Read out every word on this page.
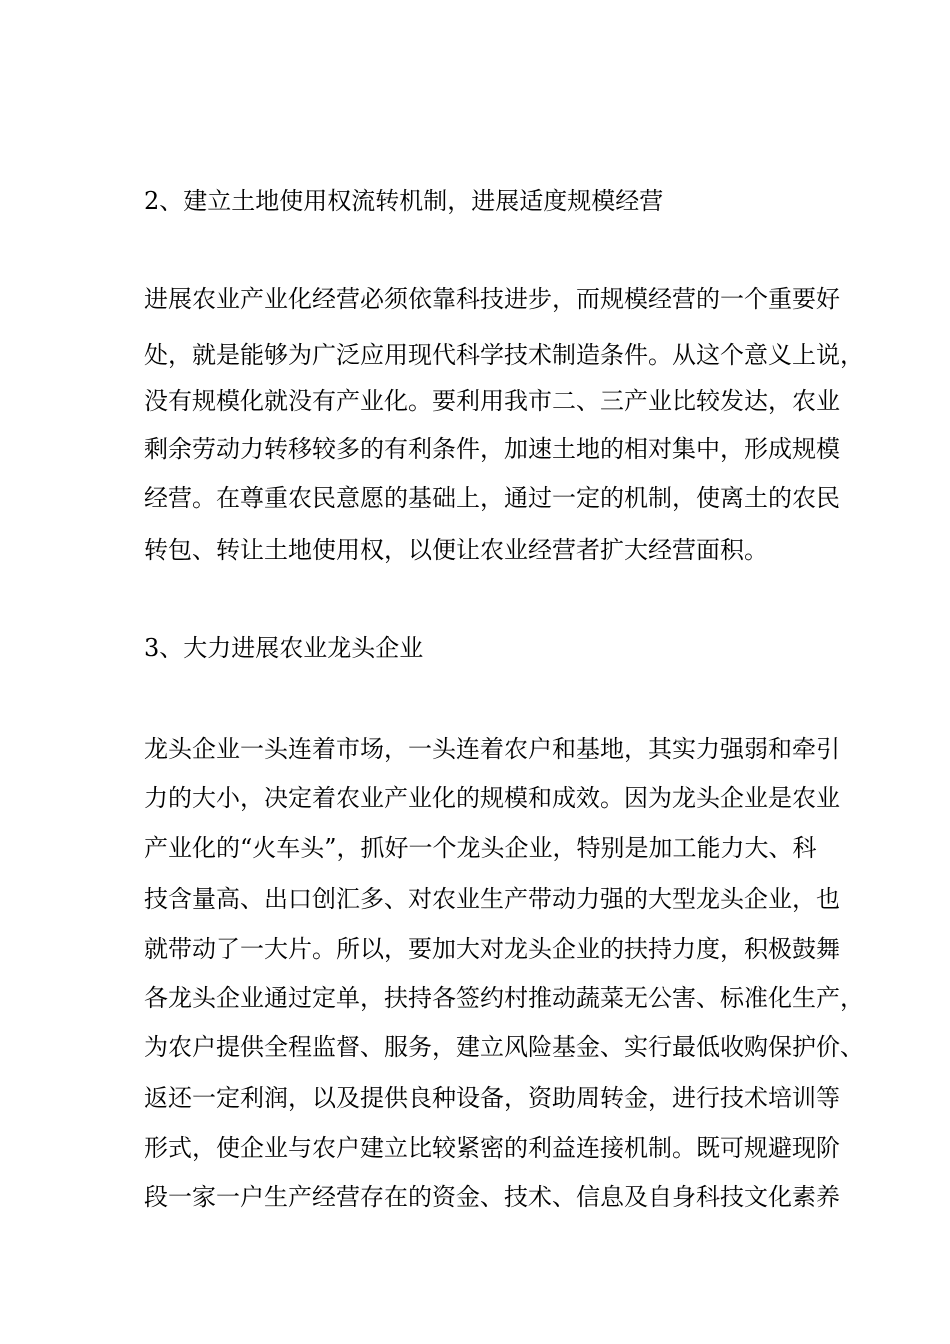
2、建立土地使用权流转机制，进展适度规模经营

进展农业产业化经营必须依靠科技进步，而规模经营的一个重要好

处，就是能够为广泛应用现代科学技术制造条件。从这个意义上说，

没有规模化就没有产业化。要利用我市二、三产业比较发达，农业

剩余劳动力转移较多的有利条件，加速土地的相对集中，形成规模

经营。在尊重农民意愿的基础上，通过一定的机制，使离土的农民

转包、转让土地使用权，以便让农业经营者扩大经营面积。

3、大力进展农业龙头企业

龙头企业一头连着市场，一头连着农户和基地，其实力强弱和牵引

力的大小，决定着农业产业化的规模和成效。因为龙头企业是农业

产业化的“火车头”，抓好一个龙头企业，特别是加工能力大、科

技含量高、出口创汇多、对农业生产带动力强的大型龙头企业，也

就带动了一大片。所以，要加大对龙头企业的扶持力度，积极鼓舞

各龙头企业通过定单，扶持各签约村推动蔬菜无公害、标准化生产，

为农户提供全程监督、服务，建立风险基金、实行最低收购保护价、

返还一定利润，以及提供良种设备，资助周转金，进行技术培训等

形式，使企业与农户建立比较紧密的利益连接机制。既可规避现阶

段一家一户生产经营存在的资金、技术、信息及自身科技文化素养
